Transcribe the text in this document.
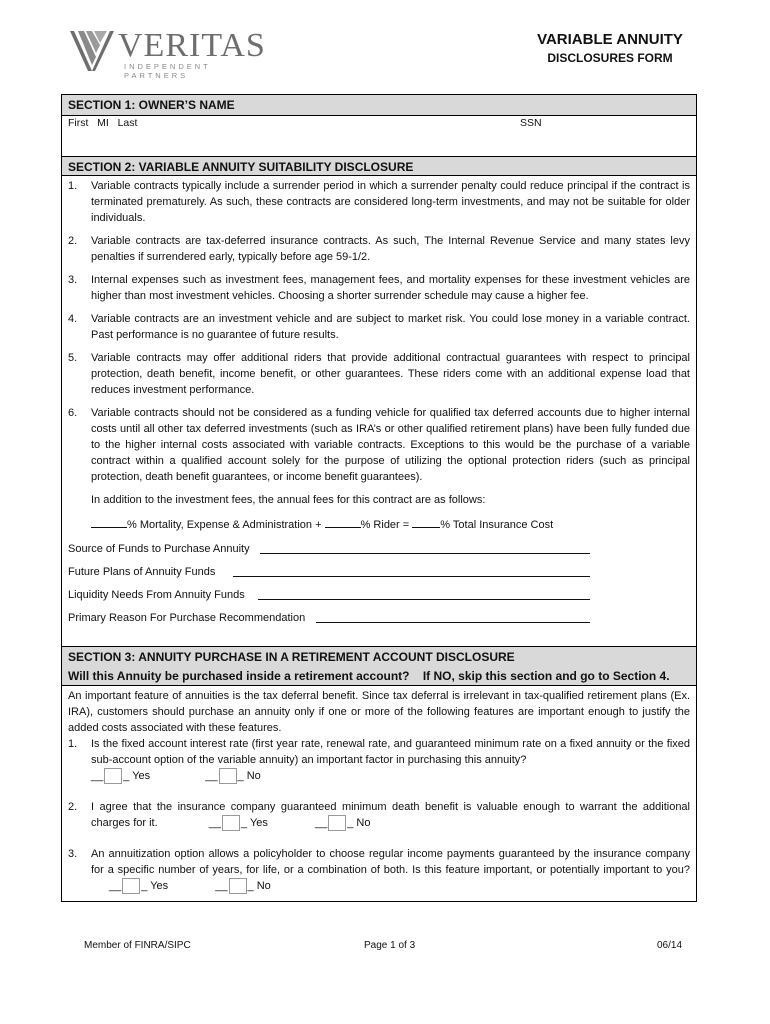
VERITAS
INDEPENDENT PARTNERS
VARIABLE ANNUITY
DISCLOSURES FORM
SECTION 1: OWNER’S NAME
First   MI   Last	SSN
SECTION 2: VARIABLE ANNUITY SUITABILITY DISCLOSURE
1. Variable contracts typically include a surrender period in which a surrender penalty could reduce principal if the contract is terminated prematurely. As such, these contracts are considered long-term investments, and may not be suitable for older individuals.
2. Variable contracts are tax-deferred insurance contracts. As such, The Internal Revenue Service and many states levy penalties if surrendered early, typically before age 59-1/2.
3. Internal expenses such as investment fees, management fees, and mortality expenses for these investment vehicles are higher than most investment vehicles. Choosing a shorter surrender schedule may cause a higher fee.
4. Variable contracts are an investment vehicle and are subject to market risk. You could lose money in a variable contract. Past performance is no guarantee of future results.
5. Variable contracts may offer additional riders that provide additional contractual guarantees with respect to principal protection, death benefit, income benefit, or other guarantees. These riders come with an additional expense load that reduces investment performance.
6. Variable contracts should not be considered as a funding vehicle for qualified tax deferred accounts due to higher internal costs until all other tax deferred investments (such as IRA’s or other qualified retirement plans) have been fully funded due to the higher internal costs associated with variable contracts. Exceptions to this would be the purchase of a variable contract within a qualified account solely for the purpose of utilizing the optional protection riders (such as principal protection, death benefit guarantees, or income benefit guarantees).
In addition to the investment fees, the annual fees for this contract are as follows:
% Mortality, Expense & Administration +	% Rider =	% Total Insurance Cost
Source of Funds to Purchase Annuity
Future Plans of Annuity Funds
Liquidity Needs From Annuity Funds
Primary Reason For Purchase Recommendation
SECTION 3: ANNUITY PURCHASE IN A RETIREMENT ACCOUNT DISCLOSURE
Will this Annuity be purchased inside a retirement account?    If NO, skip this section and go to Section 4.
An important feature of annuities is the tax deferral benefit. Since tax deferral is irrelevant in tax-qualified retirement plans (Ex. IRA), customers should purchase an annuity only if one or more of the following features are important enough to justify the added costs associated with these features.
1. Is the fixed account interest rate (first year rate, renewal rate, and guaranteed minimum rate on a fixed annuity or the fixed sub-account option of the variable annuity) an important factor in purchasing this annuity?
__ _ Yes	__ _ No
2. I agree that the insurance company guaranteed minimum death benefit is valuable enough to warrant the additional charges for it.	__ _ Yes	__ _ No
3. An annuitization option allows a policyholder to choose regular income payments guaranteed by the insurance company for a specific number of years, for life, or a combination of both. Is this feature important, or potentially important to you? __ _ Yes	__ _ No
Member of FINRA/SIPC	Page 1 of 3	06/14
